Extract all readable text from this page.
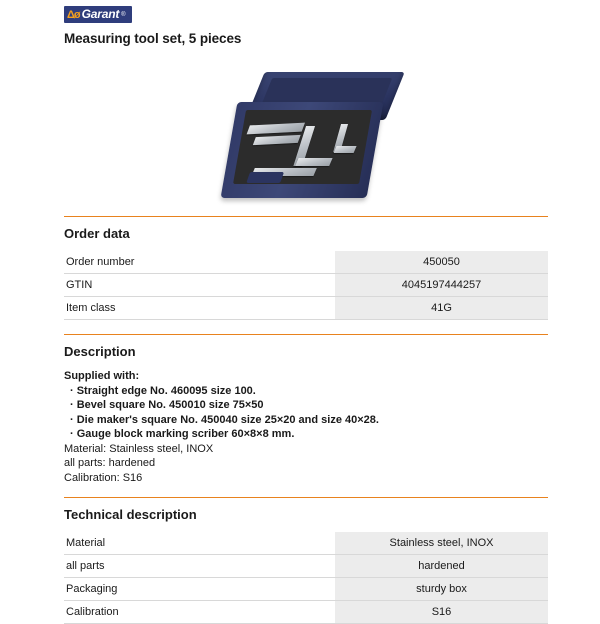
Δø Garant ®
Measuring tool set, 5 pieces
Order data
Order number	450050
GTIN	4045197444257
Item class	41G
Description
Supplied with:
· Straight edge No. 460095 size 100.
· Bevel square No. 450010 size 75×50
· Die maker's square No. 450040 size 25×20 and size 40×28.
· Gauge block marking scriber 60×8×8 mm.
Material: Stainless steel, INOX
all parts: hardened
Calibration: S16
Technical description
Material	Stainless steel, INOX
all parts	hardened
Packaging	sturdy box
Calibration	S16
